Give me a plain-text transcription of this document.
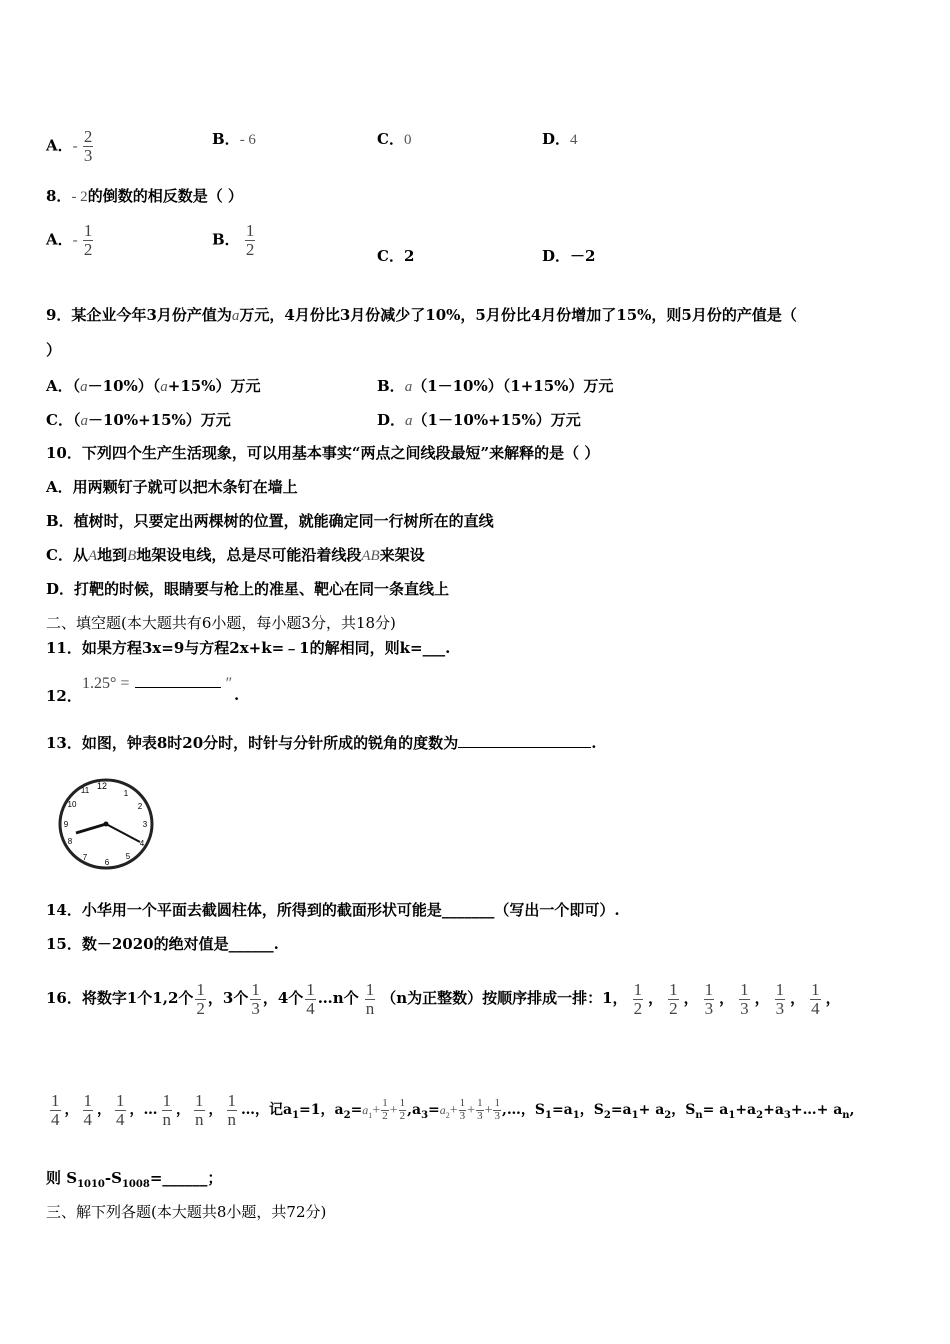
A．- $\frac{2}{3}$	B．- 6	C．0	D．4
8．- 2的倒数的相反数是（ ）
A．- $\frac{1}{2}$	B． $\frac{1}{2}$	C．2	D．－2
9．某企业今年3月份产值为a万元，4月份比3月份减少了10%，5月份比4月份增加了15%，则5月份的产值是（
）
A．（a－10%）（a+15%）万元	B．a（1－10%）（1+15%）万元
C．（a－10%+15%）万元	D．a（1－10%+15%）万元
10．下列四个生产生活现象，可以用基本事实“两点之间线段最短”来解释的是（ ）
A．用两颗钉子就可以把木条钉在墙上
B．植树时，只要定出两棵树的位置，就能确定同一行树所在的直线
C．从A地到B地架设电线，总是尽可能沿着线段AB来架设
D．打靶的时候，眼睛要与枪上的准星、靶心在同一条直线上
二、填空题(本大题共有6小题，每小题3分，共18分)
11．如果方程3x=9与方程2x+k=﹣1的解相同，则k=___.
12．
1.25° =	″
.
13．如图，钟表8时20分时，时针与分针所成的锐角的度数为	.
12
1
2
3
4
5
6
7
8
9
10
11
14．小华用一个平面去截圆柱体，所得到的截面形状可能是_______（写出一个即可）.
15．数－2020的绝对值是______.
16．将数字1个1,2个 $\frac{1}{2}$ ，3个 $\frac{1}{3}$ ，4个 $\frac{1}{4}$ …n个 $\frac{1}{n} (n$为正整数）按顺序排成一排：1， $\frac{1}{2}$ ， $\frac{1}{2}$ ， $\frac{1}{3}$ ， $\frac{1}{3}$ ， $\frac{1}{3}$ ， $\frac{1}{4}$ ，
$\frac{1}{4}$ ， $\frac{1}{4}$ ， $\frac{1}{4}$ ，… $\frac{1}{n}$ ， $\frac{1}{n}$ ， $\frac{1}{n}$ …，记$a_1=1$，$a_2=a_1+ \frac{1}{2} + \frac{1}{2} ,a_3=a_2+ \frac{1}{3} + \frac{1}{3} + \frac{1}{3}$ ,…，$S_1=a_1$，$S_2=a_1+ a_2$，$S_n=$ $a_1+a_2+a_3+\dots+ a_n$,
则 $S_{1010}-S_{1008}=\_\_\_\_\_\_$；
三、解下列各题(本大题共8小题，共72分)
